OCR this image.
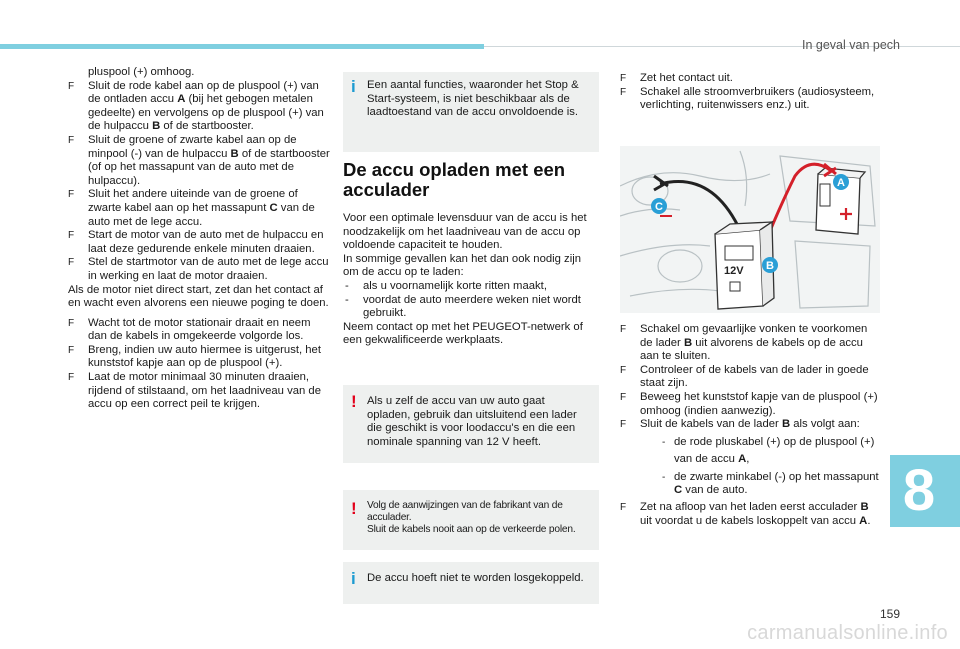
In geval van pech

pluspool (+) omhoog.

F Sluit de rode kabel aan op de pluspool (+) van de ontladen accu A (bij het gebogen metalen gedeelte) en vervolgens op de pluspool (+) van de hulpaccu B of de startbooster.
F Sluit de groene of zwarte kabel aan op de minpool (-) van de hulpaccu B of de startbooster (of op het massapunt van de auto met de hulpaccu).
F Sluit het andere uiteinde van de groene of zwarte kabel aan op het massapunt C van de auto met de lege accu.
F Start de motor van de auto met de hulpaccu en laat deze gedurende enkele minuten draaien.
F Stel de startmotor van de auto met de lege accu in werking en laat de motor draaien.

Als de motor niet direct start, zet dan het contact af en wacht even alvorens een nieuwe poging te doen.

F Wacht tot de motor stationair draait en neem dan de kabels in omgekeerde volgorde los.
F Breng, indien uw auto hiermee is uitgerust, het kunststof kapje aan op de pluspool (+).
F Laat de motor minimaal 30 minuten draaien, rijdend of stilstaand, om het laadniveau van de accu op een correct peil te krijgen.
i Een aantal functies, waaronder het Stop & Start-systeem, is niet beschikbaar als de laadtoestand van de accu onvoldoende is.

De accu opladen met een acculader

Voor een optimale levensduur van de accu is het noodzakelijk om het laadniveau van de accu op voldoende capaciteit te houden.

In sommige gevallen kan het dan ook nodig zijn om de accu op te laden:

- als u voornamelijk korte ritten maakt,
- voordat de auto meerdere weken niet wordt gebruikt.

Neem contact op met het PEUGEOT-netwerk of een gekwalificeerde werkplaats.

! Als u zelf de accu van uw auto gaat opladen, gebruik dan uitsluitend een lader die geschikt is voor loodaccu's en die een nominale spanning van 12 V heeft.

! Volg de aanwijzingen van de fabrikant van de acculader.

Sluit de kabels nooit aan op de verkeerde polen.

i De accu hoeft niet te worden losgekoppeld.

F Zet het contact uit.
F Schakel alle stroomverbruikers (audiosysteem, verlichting, ruitenwissers enz.) uit.
12V
A
C
B
F Schakel om gevaarlijke vonken te voorkomen de lader B uit alvorens de kabels op de accu aan te sluiten.
F Controleer of de kabels van de lader in goede staat zijn.
F Beweeg het kunststof kapje van de pluspool (+) omhoog (indien aanwezig).
F Sluit de kabels van de lader B als volgt aan:
- de rode pluskabel (+) op de pluspool (+) van de accu A,
- de zwarte minkabel (-) op het massapunt C van de auto.
F Zet na afloop van het laden eerst acculader B uit voordat u de kabels loskoppelt van accu A. 8
159
carmanualsonline.info
